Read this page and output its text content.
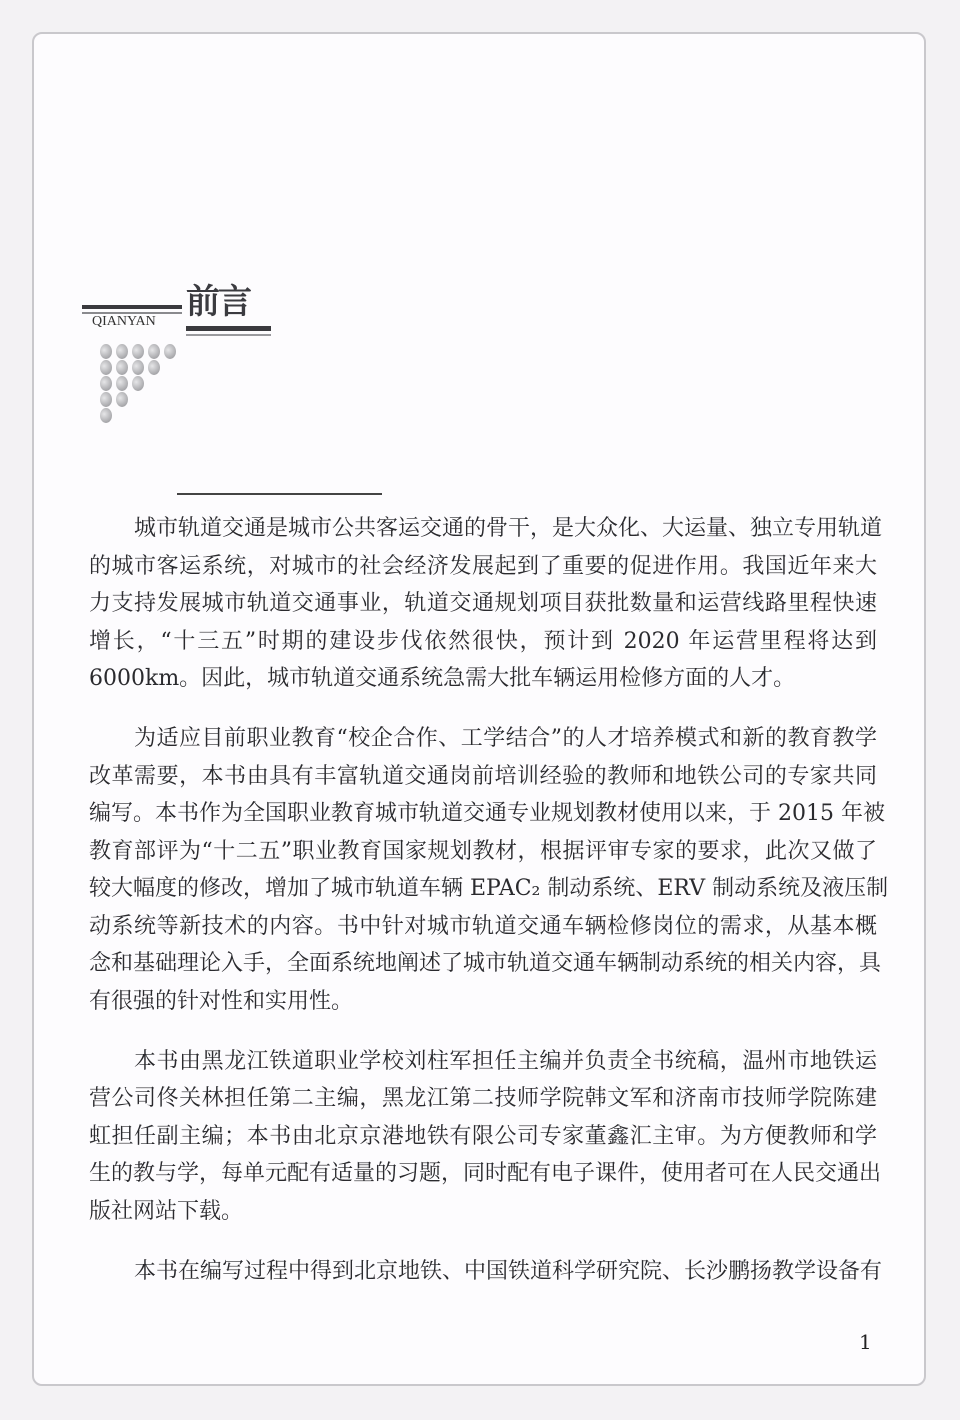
前言
QIANYAN
城市轨道交通是城市公共客运交通的骨干，是大众化、大运量、独立专用轨道
的城市客运系统，对城市的社会经济发展起到了重要的促进作用。我国近年来大
力支持发展城市轨道交通事业，轨道交通规划项目获批数量和运营线路里程快速
增长，“十三五”时期的建设步伐依然很快，预计到 2020 年运营里程将达到
6000km。因此，城市轨道交通系统急需大批车辆运用检修方面的人才。
为适应目前职业教育“校企合作、工学结合”的人才培养模式和新的教育教学
改革需要，本书由具有丰富轨道交通岗前培训经验的教师和地铁公司的专家共同
编写。本书作为全国职业教育城市轨道交通专业规划教材使用以来，于 2015 年被
教育部评为“十二五”职业教育国家规划教材，根据评审专家的要求，此次又做了
较大幅度的修改，增加了城市轨道车辆 EPAC₂ 制动系统、ERV 制动系统及液压制
动系统等新技术的内容。书中针对城市轨道交通车辆检修岗位的需求，从基本概
念和基础理论入手，全面系统地阐述了城市轨道交通车辆制动系统的相关内容，具
有很强的针对性和实用性。
本书由黑龙江铁道职业学校刘柱军担任主编并负责全书统稿，温州市地铁运
营公司佟关林担任第二主编，黑龙江第二技师学院韩文军和济南市技师学院陈建
虹担任副主编；本书由北京京港地铁有限公司专家董鑫汇主审。为方便教师和学
生的教与学，每单元配有适量的习题，同时配有电子课件，使用者可在人民交通出
版社网站下载。
本书在编写过程中得到北京地铁、中国铁道科学研究院、长沙鹏扬教学设备有
1
